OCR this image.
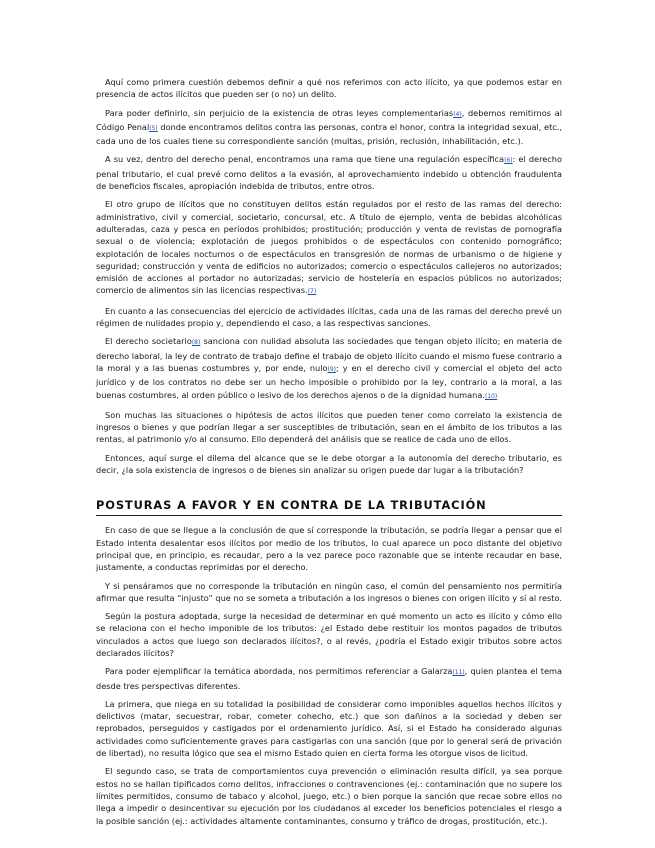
Aquí como primera cuestión debemos definir a qué nos referimos con acto ilícito, ya que podemos estar en presencia de actos ilícitos que pueden ser (o no) un delito.

Para poder definirlo, sin perjuicio de la existencia de otras leyes complementarias(4), debemos remitirnos al Código Penal(5) donde encontramos delitos contra las personas, contra el honor, contra la integridad sexual, etc., cada uno de los cuales tiene su correspondiente sanción (multas, prisión, reclusión, inhabilitación, etc.).

A su vez, dentro del derecho penal, encontramos una rama que tiene una regulación específica(6): el derecho penal tributario, el cual prevé como delitos a la evasión, al aprovechamiento indebido u obtención fraudulenta de beneficios fiscales, apropiación indebida de tributos, entre otros.

El otro grupo de ilícitos que no constituyen delitos están regulados por el resto de las ramas del derecho: administrativo, civil y comercial, societario, concursal, etc. A título de ejemplo, venta de bebidas alcohólicas adulteradas, caza y pesca en períodos prohibidos; prostitución; producción y venta de revistas de pornografía sexual o de violencia; explotación de juegos prohibidos o de espectáculos con contenido pornográfico; explotación de locales nocturnos o de espectáculos en transgresión de normas de urbanismo o de higiene y seguridad; construcción y venta de edificios no autorizados; comercio o espectáculos callejeros no autorizados; emisión de acciones al portador no autorizadas; servicio de hostelería en espacios públicos no autorizados; comercio de alimentos sin las licencias respectivas.(7)

En cuanto a las consecuencias del ejercicio de actividades ilícitas, cada una de las ramas del derecho prevé un régimen de nulidades propio y, dependiendo el caso, a las respectivas sanciones.

El derecho societario(8) sanciona con nulidad absoluta las sociedades que tengan objeto ilícito; en materia de derecho laboral, la ley de contrato de trabajo define el trabajo de objeto ilícito cuando el mismo fuese contrario a la moral y a las buenas costumbres y, por ende, nulo(9); y en el derecho civil y comercial el objeto del acto jurídico y de los contratos no debe ser un hecho imposible o prohibido por la ley, contrario a la moral, a las buenas costumbres, al orden público o lesivo de los derechos ajenos o de la dignidad humana.(10)

Son muchas las situaciones o hipótesis de actos ilícitos que pueden tener como correlato la existencia de ingresos o bienes y que podrían llegar a ser susceptibles de tributación, sean en el ámbito de los tributos a las rentas, al patrimonio y/o al consumo. Ello dependerá del análisis que se realice de cada uno de ellos.

Entonces, aquí surge el dilema del alcance que se le debe otorgar a la autonomía del derecho tributario, es decir, ¿la sola existencia de ingresos o de bienes sin analizar su origen puede dar lugar a la tributación?

POSTURAS A FAVOR Y EN CONTRA DE LA TRIBUTACIÓN

En caso de que se llegue a la conclusión de que sí corresponde la tributación, se podría llegar a pensar que el Estado intenta desalentar esos ilícitos por medio de los tributos, lo cual aparece un poco distante del objetivo principal que, en principio, es recaudar, pero a la vez parece poco razonable que se intente recaudar en base, justamente, a conductas reprimidas por el derecho.

Y si pensáramos que no corresponde la tributación en ningún caso, el común del pensamiento nos permitiría afirmar que resulta “injusto” que no se someta a tributación a los ingresos o bienes con origen ilícito y sí al resto.

Según la postura adoptada, surge la necesidad de determinar en qué momento un acto es ilícito y cómo ello se relaciona con el hecho imponible de los tributos: ¿el Estado debe restituir los montos pagados de tributos vinculados a actos que luego son declarados ilícitos?, o al revés, ¿podría el Estado exigir tributos sobre actos declarados ilícitos?

Para poder ejemplificar la temática abordada, nos permitimos referenciar a Galarza(11), quien plantea el tema desde tres perspectivas diferentes.

La primera, que niega en su totalidad la posibilidad de considerar como imponibles aquellos hechos ilícitos y delictivos (matar, secuestrar, robar, cometer cohecho, etc.) que son dañinos a la sociedad y deben ser reprobados, perseguidos y castigados por el ordenamiento jurídico. Así, si el Estado ha considerado algunas actividades como suficientemente graves para castigarlas con una sanción (que por lo general será de privación de libertad), no resulta lógico que sea el mismo Estado quien en cierta forma les otorgue visos de licitud.

El segundo caso, se trata de comportamientos cuya prevención o eliminación resulta difícil, ya sea porque estos no se hallan tipificados como delitos, infracciones o contravenciones (ej.: contaminación que no supere los límites permitidos, consumo de tabaco y alcohol, juego, etc.) o bien porque la sanción que recae sobre ellos no llega a impedir o desincentivar su ejecución por los ciudadanos al exceder los beneficios potenciales el riesgo a la posible sanción (ej.: actividades altamente contaminantes, consumo y tráfico de drogas, prostitución, etc.).
